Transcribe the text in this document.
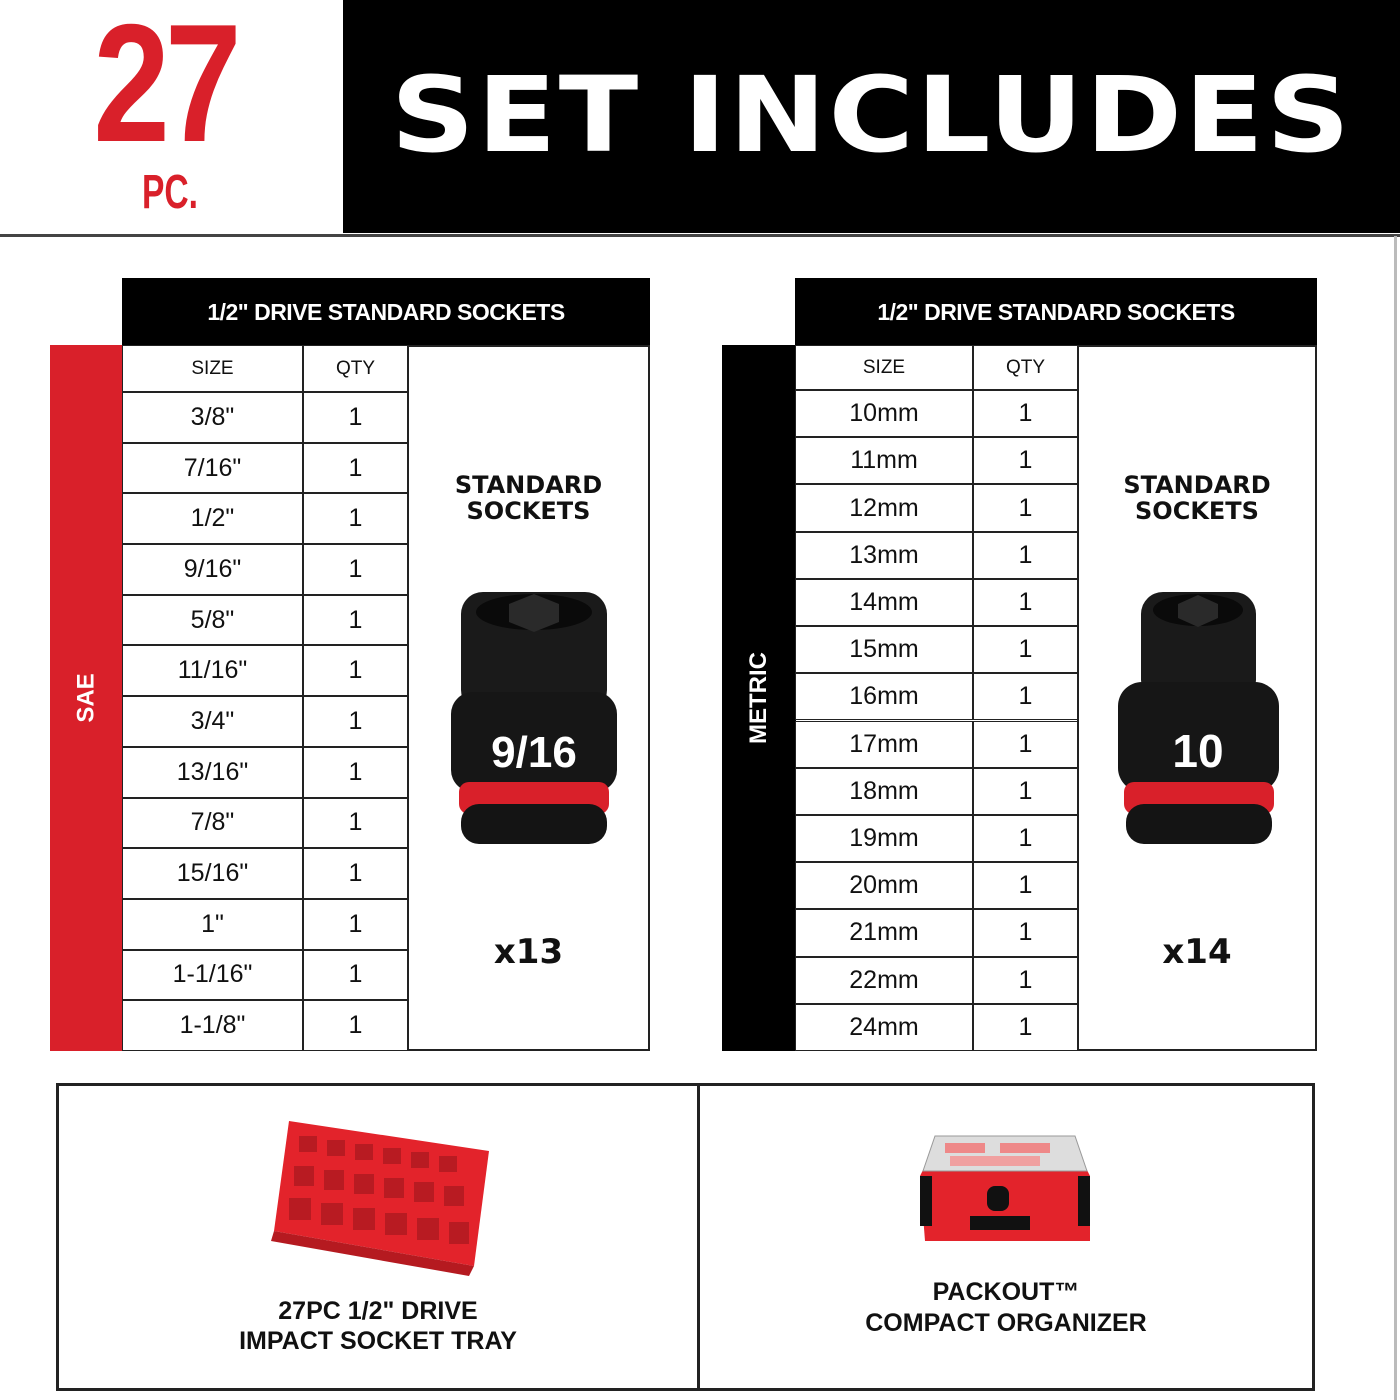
27
PC.
SET INCLUDES
1/2" DRIVE STANDARD SOCKETS
SAE
SIZE	QTY
3/8"	1
7/16"	1
1/2"	1
9/16"	1
5/8"	1
11/16"	1
3/4"	1
13/16"	1
7/8"	1
15/16"	1
1"	1
1-1/16"	1
1-1/8"	1
STANDARD
SOCKETS
9/16
x13
1/2" DRIVE STANDARD SOCKETS
METRIC
SIZE	QTY
10mm	1
11mm	1
12mm	1
13mm	1
14mm	1
15mm	1
16mm	1
17mm	1
18mm	1
19mm	1
20mm	1
21mm	1
22mm	1
24mm	1
STANDARD
SOCKETS
10
x14
27PC 1/2" DRIVE
IMPACT SOCKET TRAY
PACKOUT™
COMPACT ORGANIZER
